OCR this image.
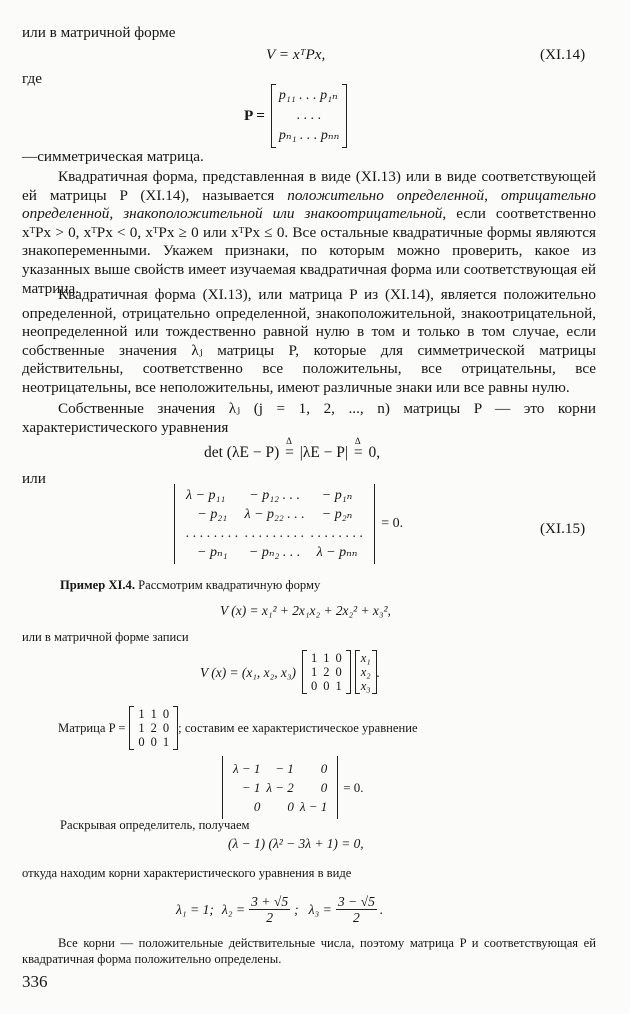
или в матричной форме
V = xᵀPx,	(XI.14)
где
P =
p₁₁ . . . p₁ₙ
. . . .
pₙ₁ . . . pₙₙ
—симметрическая матрица.
Квадратичная форма, представленная в виде (XI.13) или в виде соответствующей ей матрицы P (XI.14), называется положительно определенной, отрицательно определенной, знакоположительной или знакоотрицательной, если соответственно xᵀPx > 0, xᵀPx < 0, xᵀPx ≥ 0 или xᵀPx ≤ 0. Все остальные квадратичные формы являются знакопеременными. Укажем признаки, по которым можно проверить, какое из указанных выше свойств имеет изучаемая квадратичная форма или соответствующая ей матрица.
Квадратичная форма (XI.13), или матрица P из (XI.14), является положительно определенной, отрицательно определенной, знакоположительной, знакоотрицательной, неопределенной или тождественно равной нулю в том и только в том случае, если собственные значения λⱼ матрицы P, которые для симметрической матрицы действительны, соответственно все положительны, все отрицательны, все неотрицательны, все неположительны, имеют различные знаки или все равны нулю.
Собственные значения λⱼ (j = 1, 2, ..., n) матрицы P — это корни характеристического уравнения
det (λE − P)
Δ
= |λE − P|
Δ
= 0,
или
λ − p₁₁	− p₁₂ . . .	− p₁ₙ
− p₂₁	λ − p₂₂ . . .	− p₂ₙ
. . . . . . . .	. . . . . . . . .	. . . . . . . .
− pₙ₁	− pₙ₂ . . .	λ − pₙₙ
= 0.	(XI.15)
Пример XI.4. Рассмотрим квадратичную форму
V (x) = x₁² + 2x₁x₂ + 2x₂² + x₃²,
или в матричной форме записи
V (x) = (x₁, x₂, x₃)
1	1	0
1	2	0
0	0	1
x₁
x₂
x₃
.
Матрица P =
1	1	0
1	2	0
0	0	1
; составим ее характеристическое уравнение
λ − 1	− 1	0
− 1	λ − 2	0
0	0	λ − 1
= 0.
Раскрывая определитель, получаем
(λ − 1) (λ² − 3λ + 1) = 0,
откуда находим корни характеристического уравнения в виде
λ₁ = 1; $\lambda_2 = \frac{3 + √5}{2}$ ; $\lambda_3 = \frac{3 - √5}{2}$ .
Все корни — положительные действительные числа, поэтому матрица P и соответствующая ей квадратичная форма положительно определены.
336
